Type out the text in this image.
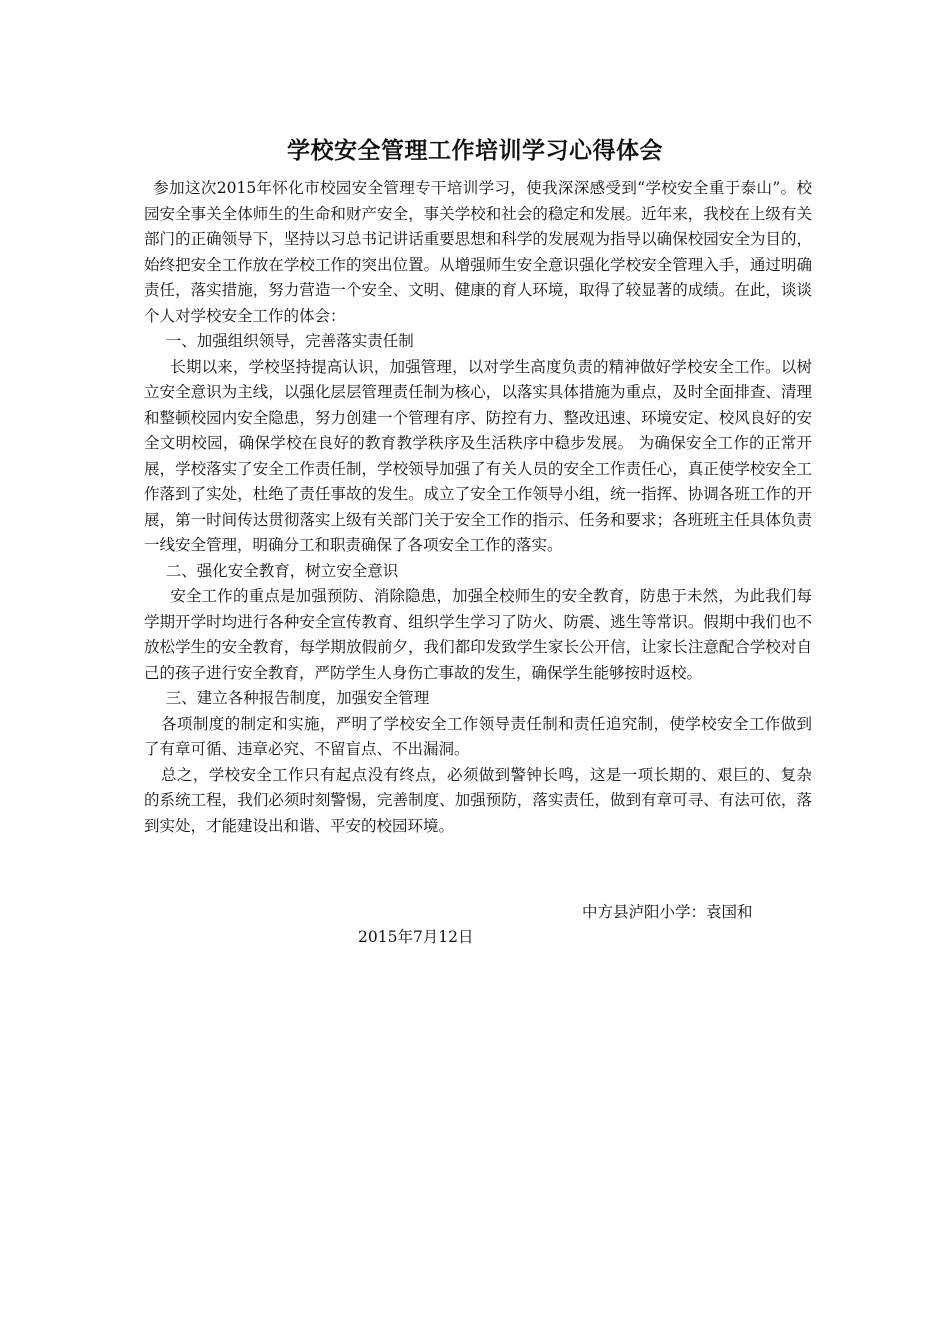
学校安全管理工作培训学习心得体会

参加这次2015年怀化市校园安全管理专干培训学习，使我深深感受到“学校安全重于泰山”。校园安全事关全体师生的生命和财产安全，事关学校和社会的稳定和发展。近年来，我校在上级有关部门的正确领导下，坚持以习总书记讲话重要思想和科学的发展观为指导以确保校园安全为目的，始终把安全工作放在学校工作的突出位置。从增强师生安全意识强化学校安全管理入手，通过明确责任，落实措施，努力营造一个安全、文明、健康的育人环境，取得了较显著的成绩。在此，谈谈个人对学校安全工作的体会：

一、加强组织领导，完善落实责任制

长期以来，学校坚持提高认识，加强管理，以对学生高度负责的精神做好学校安全工作。以树立安全意识为主线，以强化层层管理责任制为核心，以落实具体措施为重点，及时全面排查、清理和整顿校园内安全隐患，努力创建一个管理有序、防控有力、整改迅速、环境安定、校风良好的安全文明校园，确保学校在良好的教育教学秩序及生活秩序中稳步发展。 为确保安全工作的正常开展，学校落实了安全工作责任制，学校领导加强了有关人员的安全工作责任心，真正使学校安全工作落到了实处，杜绝了责任事故的发生。成立了安全工作领导小组，统一指挥、协调各班工作的开展，第一时间传达贯彻落实上级有关部门关于安全工作的指示、任务和要求；各班班主任具体负责一线安全管理，明确分工和职责确保了各项安全工作的落实。

二、强化安全教育，树立安全意识

安全工作的重点是加强预防、消除隐患，加强全校师生的安全教育，防患于未然，为此我们每学期开学时均进行各种安全宣传教育、组织学生学习了防火、防震、逃生等常识。假期中我们也不放松学生的安全教育，每学期放假前夕，我们都印发致学生家长公开信，让家长注意配合学校对自己的孩子进行安全教育，严防学生人身伤亡事故的发生，确保学生能够按时返校。

三、建立各种报告制度，加强安全管理

各项制度的制定和实施，严明了学校安全工作领导责任制和责任追究制，使学校安全工作做到了有章可循、违章必究、不留盲点、不出漏洞。

总之，学校安全工作只有起点没有终点，必须做到警钟长鸣，这是一项长期的、艰巨的、复杂的系统工程，我们必须时刻警惕，完善制度、加强预防，落实责任，做到有章可寻、有法可依，落到实处，才能建设出和谐、平安的校园环境。

中方县泸阳小学：袁国和
2015年7月12日
